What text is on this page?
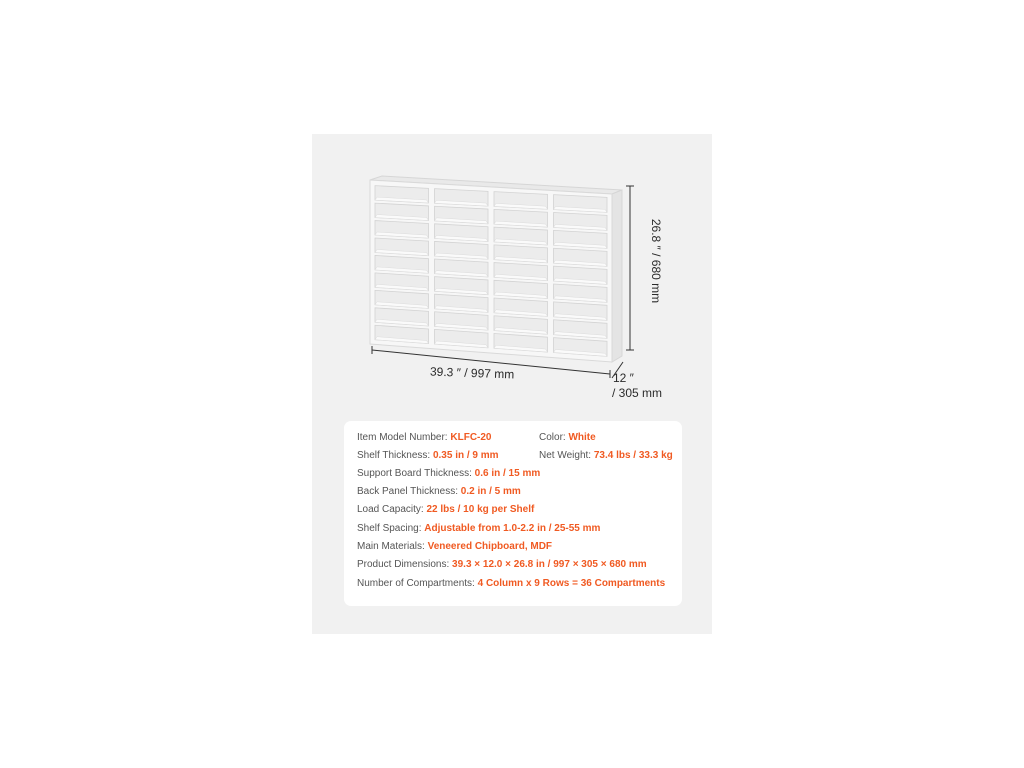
39.3 ″ / 997 mm
26.8 ″ / 680 mm
12 ″
/ 305 mm
Item Model Number: KLFC-20	Color: White
Shelf Thickness: 0.35 in / 9 mm	Net Weight: 73.4 lbs / 33.3 kg
Support Board Thickness: 0.6 in / 15 mm
Back Panel Thickness: 0.2 in / 5 mm
Load Capacity: 22 lbs / 10 kg per Shelf
Shelf Spacing: Adjustable from 1.0-2.2 in / 25-55 mm
Main Materials: Veneered Chipboard, MDF
Product Dimensions: 39.3 × 12.0 × 26.8 in / 997 × 305 × 680 mm
Number of Compartments: 4 Column x 9 Rows = 36 Compartments
